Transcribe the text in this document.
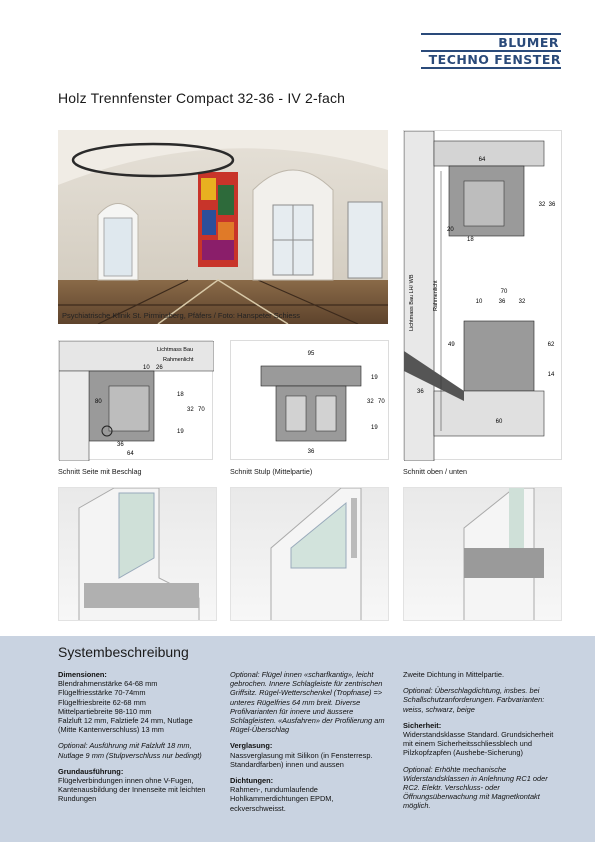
BLUMER
TECHNO FENSTER
Holz Trennfenster Compact 32-36 - IV 2-fach
Psychiatrische Klinik St. Pirminsberg, Pfäfers / Foto: Hanspeter Schiess
64
36
32
20
18
Lichtmass Bau LH/ WB	Rahmenlicht	70
10	36 32
49	62
14
60
36
Schnitt oben / unten
Lichtmass Bau
Rahmenlicht
10 26
80
18
32 70
36
64
19
Schnitt Seite mit Beschlag
95
19
32 70
19
36
Schnitt Stulp (Mittelpartie)
Systembeschreibung

Dimensionen:
Blendrahmenstärke 64-68 mm
Flügelfriesstärke 70-74mm
Flügelfriesbreite 62-68 mm
Mittelpartiebreite 98-110 mm
Falzluft 12 mm, Falztiefe 24 mm, Nutlage
(Mitte Kantenverschluss) 13 mm

Optional: Ausführung mit Falzluft 18 mm, Nutlage 9 mm (Stulpverschluss nur bedingt)

Grundausführung:
Flügelverbindungen innen ohne V-Fugen, Kantenausbildung der Innenseite mit leichten Rundungen

Optional: Flügel innen «scharfkantig», leicht gebrochen. Innere Schlagleiste für zentrischen Griffsitz. Rügel-Wetterschenkel (Tropfnase) => unteres Rügelfries 64 mm breit. Diverse Profilvarianten für innere und äussere Schlagleisten. «Ausfahren» der Profilierung am Rügel-Überschlag

Verglasung:
Nassverglasung mit Silikon (in Fensterresp. Standardfarben) innen und aussen

Dichtungen:
Rahmen-, rundumlaufende Hohlkammerdichtungen EPDM, eckverschweisst.

Zweite Dichtung in Mittelpartie.

Optional: Überschlagdichtung, insbes. bei Schallschutzanforderungen. Farbvarianten: weiss, schwarz, beige

Sicherheit:
Widerstandsklasse Standard. Grundsicherheit mit einem Sicherheitsschliessblech und Pilzkopfzapfen (Aushebe-Sicherung)

Optional: Erhöhte mechanische Widerstandsklassen in Anlehnung RC1 oder RC2. Elektr. Verschluss- oder Öffnungsüberwachung mit Magnetkontakt möglich.
